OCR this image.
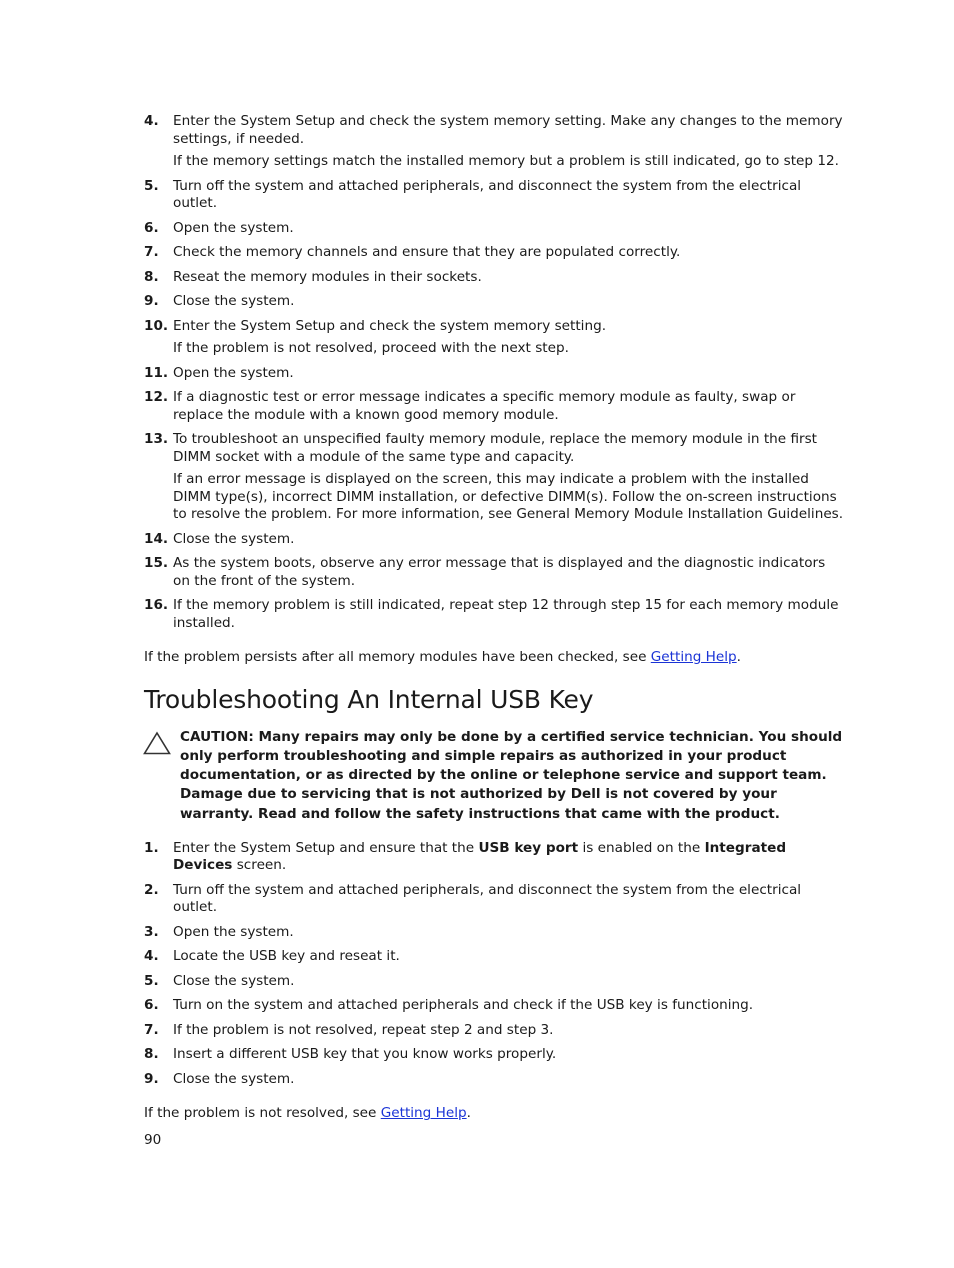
4. Enter the System Setup and check the system memory setting. Make any changes to the memory settings, if needed.
If the memory settings match the installed memory but a problem is still indicated, go to step 12.
5. Turn off the system and attached peripherals, and disconnect the system from the electrical outlet.
6. Open the system.
7. Check the memory channels and ensure that they are populated correctly.
8. Reseat the memory modules in their sockets.
9. Close the system.
10. Enter the System Setup and check the system memory setting.
If the problem is not resolved, proceed with the next step.
11. Open the system.
12. If a diagnostic test or error message indicates a specific memory module as faulty, swap or replace the module with a known good memory module.
13. To troubleshoot an unspecified faulty memory module, replace the memory module in the first DIMM socket with a module of the same type and capacity.
If an error message is displayed on the screen, this may indicate a problem with the installed DIMM type(s), incorrect DIMM installation, or defective DIMM(s). Follow the on-screen instructions to resolve the problem. For more information, see General Memory Module Installation Guidelines.
14. Close the system.
15. As the system boots, observe any error message that is displayed and the diagnostic indicators on the front of the system.
16. If the memory problem is still indicated, repeat step 12 through step 15 for each memory module installed.
If the problem persists after all memory modules have been checked, see Getting Help.
Troubleshooting An Internal USB Key
CAUTION: Many repairs may only be done by a certified service technician. You should only perform troubleshooting and simple repairs as authorized in your product documentation, or as directed by the online or telephone service and support team. Damage due to servicing that is not authorized by Dell is not covered by your warranty. Read and follow the safety instructions that came with the product.
1. Enter the System Setup and ensure that the USB key port is enabled on the Integrated Devices screen.
2. Turn off the system and attached peripherals, and disconnect the system from the electrical outlet.
3. Open the system.
4. Locate the USB key and reseat it.
5. Close the system.
6. Turn on the system and attached peripherals and check if the USB key is functioning.
7. If the problem is not resolved, repeat step 2 and step 3.
8. Insert a different USB key that you know works properly.
9. Close the system.
If the problem is not resolved, see Getting Help.
90
